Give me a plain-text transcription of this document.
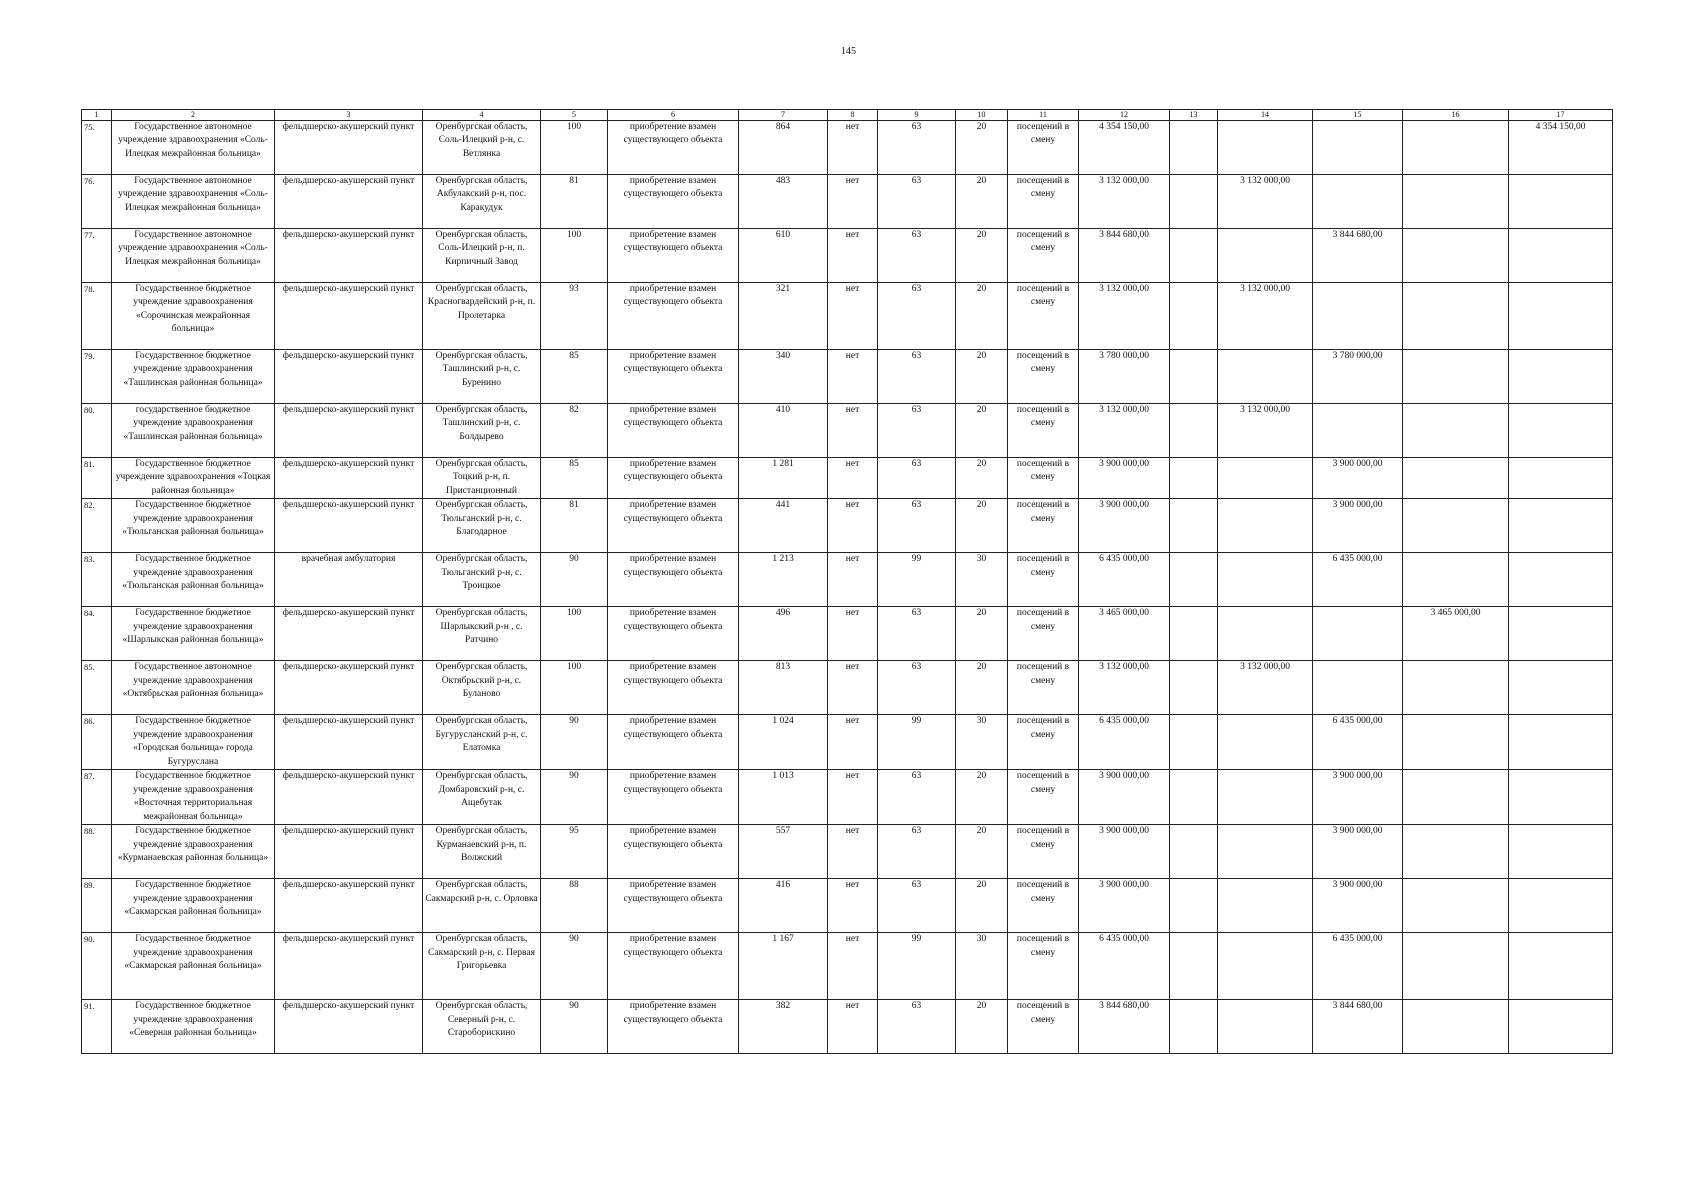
145
1	2	3	4	5	6	7	8	9	10	11	12	13	14	15	16	17
75.	Государственное автономное учреждение здравоохранения «Соль-Илецкая межрайонная больница»	фельдшерско-акушерский пункт	Оренбургская область, Соль-Илецкий р-н, с. Ветлянка	100	приобретение взамен существующего объекта	864	нет	63	20	посещений в смену	4 354 150,00					4 354 150,00
76.	Государственное автономное учреждение здравоохранения «Соль-Илецкая межрайонная больница»	фельдшерско-акушерский пункт	Оренбургская область, Акбулакский р-н, пос. Каракудук	81	приобретение взамен существующего объекта	483	нет	63	20	посещений в смену	3 132 000,00		3 132 000,00			
77.	Государственное автономное учреждение здравоохранения «Соль-Илецкая межрайонная больница»	фельдшерско-акушерский пункт	Оренбургская область, Соль-Илецкий р-н, п. Кирпичный Завод	100	приобретение взамен существующего объекта	610	нет	63	20	посещений в смену	3 844 680,00			3 844 680,00		
78.	Государственное бюджетное учреждение здравоохранения «Сорочинская межрайонная больница»	фельдшерско-акушерский пункт	Оренбургская область, Красногвардейский р-н, п. Пролетарка	93	приобретение взамен существующего объекта	321	нет	63	20	посещений в смену	3 132 000,00		3 132 000,00			
79.	Государственное бюджетное учреждение здравоохранения «Ташлинская районная больница»	фельдшерско-акушерский пункт	Оренбургская область, Ташлинский р-н, с. Буренино	85	приобретение взамен существующего объекта	340	нет	63	20	посещений в смену	3 780 000,00			3 780 000,00		
80.	государственное бюджетное учреждение здравоохранения «Ташлинская районная больница»	фельдшерско-акушерский пункт	Оренбургская область, Ташлинский р-н, с. Болдырево	82	приобретение взамен существующего объекта	410	нет	63	20	посещений в смену	3 132 000,00		3 132 000,00			
81.	Государственное бюджетное учреждение здравоохранения «Тоцкая районная больница»	фельдшерско-акушерский пункт	Оренбургская область, Тоцкий р-н, п. Пристанционный	85	приобретение взамен существующего объекта	1 281	нет	63	20	посещений в смену	3 900 000,00			3 900 000,00		
82.	Государственное бюджетное учреждение здравоохранения «Тюльганская районная больница»	фельдшерско-акушерский пункт	Оренбургская область, Тюльганский р-н, с. Благодарное	81	приобретение взамен существующего объекта	441	нет	63	20	посещений в смену	3 900 000,00			3 900 000,00		
83.	Государственное бюджетное учреждение здравоохранения «Тюльганская районная больница»	врачебная амбулатория	Оренбургская область, Тюльганский р-н, с. Троицкое	90	приобретение взамен существующего объекта	1 213	нет	99	30	посещений в смену	6 435 000,00			6 435 000,00		
84.	Государственное бюджетное учреждение здравоохранения «Шарлыкская районная больница»	фельдшерско-акушерский пункт	Оренбургская область, Шарлыкский р-н , с. Ратчино	100	приобретение взамен существующего объекта	496	нет	63	20	посещений в смену	3 465 000,00				3 465 000,00	
85.	Государственное автономное учреждение здравоохранения «Октябрьская районная больница»	фельдшерско-акушерский пункт	Оренбургская область, Октябрьский р-н, с. Буланово	100	приобретение взамен существующего объекта	813	нет	63	20	посещений в смену	3 132 000,00		3 132 000,00			
86.	Государственное бюджетное учреждение здравоохранения «Городская больница» города Бугуруслана	фельдшерско-акушерский пункт	Оренбургская область, Бугурусланский р-н, с. Елатомка	90	приобретение взамен существующего объекта	1 024	нет	99	30	посещений в смену	6 435 000,00			6 435 000,00		
87.	Государственное бюджетное учреждение здравоохранения «Восточная территориальная межрайонная больница»	фельдшерско-акушерский пункт	Оренбургская область, Домбаровский р-н, с. Ащебутак	90	приобретение взамен существующего объекта	1 013	нет	63	20	посещений в смену	3 900 000,00			3 900 000,00		
88.	Государственное бюджетное учреждение здравоохранения «Курманаевская районная больница»	фельдшерско-акушерский пункт	Оренбургская область, Курманаевский р-н, п. Волжский	95	приобретение взамен существующего объекта	557	нет	63	20	посещений в смену	3 900 000,00			3 900 000,00		
89.	Государственное бюджетное учреждение здравоохранения «Сакмарская районная больница»	фельдшерско-акушерский пункт	Оренбургская область, Сакмарский р-н, с. Орловка	88	приобретение взамен существующего объекта	416	нет	63	20	посещений в смену	3 900 000,00			3 900 000,00		
90.	Государственное бюджетное учреждение здравоохранения «Сакмарская районная больница»	фельдшерско-акушерский пункт	Оренбургская область, Сакмарский р-н, с. Первая Григорьевка	90	приобретение взамен существующего объекта	1 167	нет	99	30	посещений в смену	6 435 000,00			6 435 000,00		
91.	Государственное бюджетное учреждение здравоохранения «Северная районная больница»	фельдшерско-акушерский пункт	Оренбургская область, Северный р-н, с. Староборискино	90	приобретение взамен существующего объекта	382	нет	63	20	посещений в смену	3 844 680,00			3 844 680,00		
